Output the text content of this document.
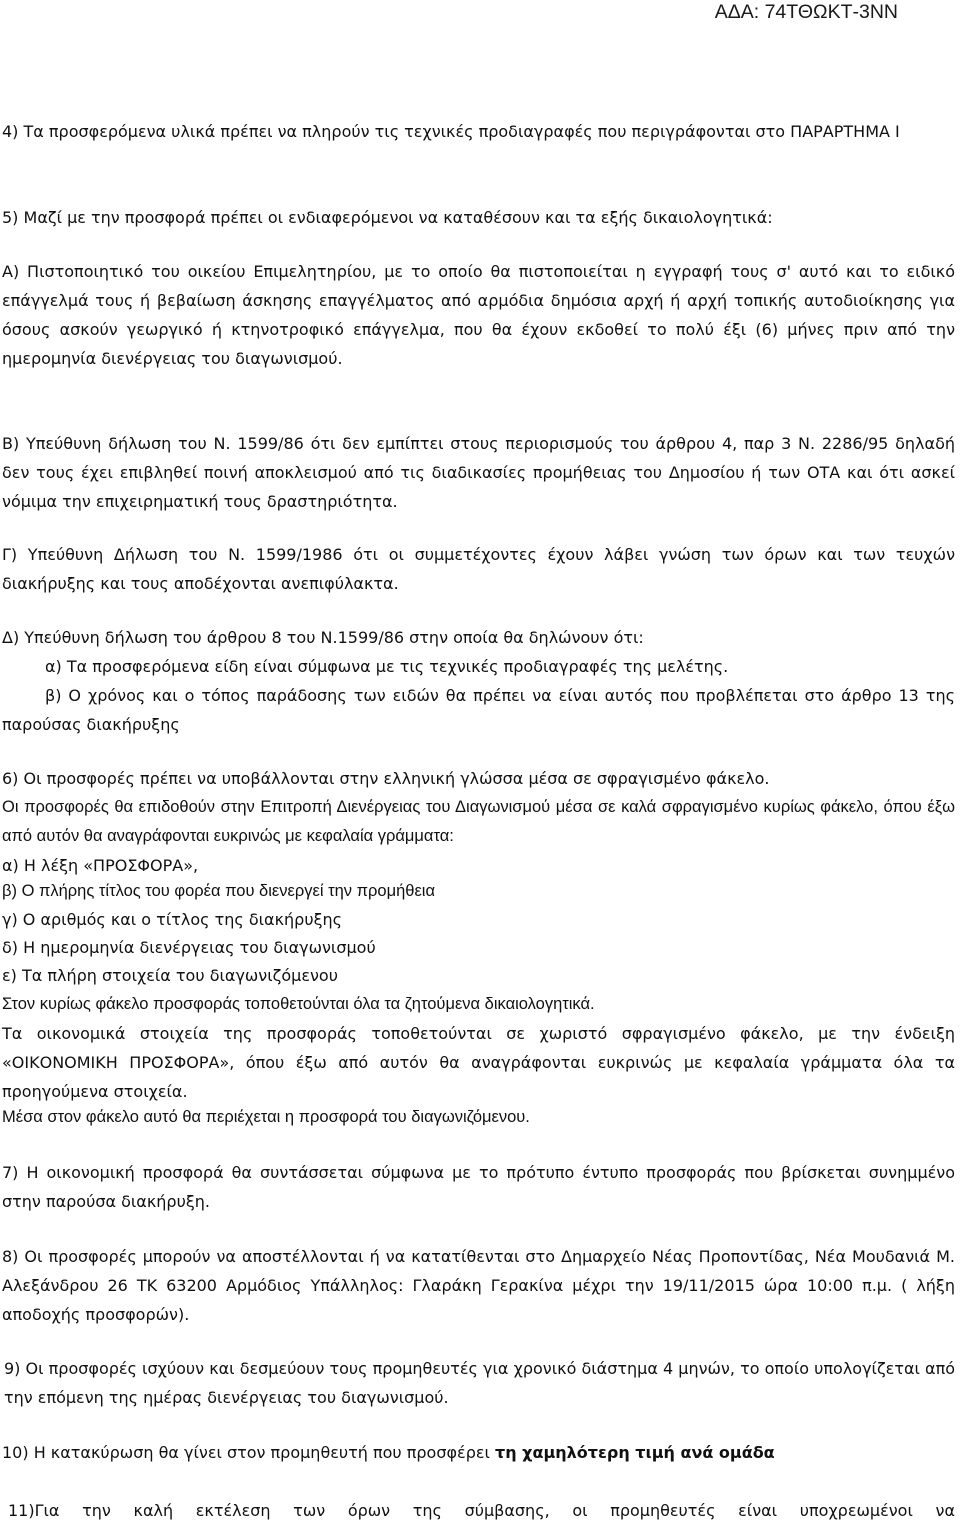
ΑΔΑ: 74ΤΘΩΚΤ-3ΝΝ
4) Τα προσφερόμενα υλικά πρέπει να πληρούν τις τεχνικές προδιαγραφές που περιγράφονται στο ΠΑΡΑΡΤΗΜΑ Ι
5) Μαζί με την προσφορά πρέπει οι ενδιαφερόμενοι να καταθέσουν και τα εξής δικαιολογητικά:
Α) Πιστοποιητικό του οικείου Επιμελητηρίου, με το οποίο θα πιστοποιείται η εγγραφή τους σ' αυτό και το ειδικό επάγγελμά τους ή βεβαίωση άσκησης επαγγέλματος από αρμόδια δημόσια αρχή ή αρχή τοπικής αυτοδιοίκησης για όσους ασκούν γεωργικό ή κτηνοτροφικό επάγγελμα, που θα έχουν εκδοθεί το πολύ έξι (6) μήνες πριν από την ημερομηνία διενέργειας του διαγωνισμού.
Β) Υπεύθυνη δήλωση του Ν. 1599/86 ότι δεν εμπίπτει στους περιορισμούς του άρθρου 4, παρ 3 Ν. 2286/95 δηλαδή δεν τους έχει επιβληθεί ποινή αποκλεισμού από τις διαδικασίες προμήθειας του Δημοσίου ή των ΟΤΑ και ότι ασκεί νόμιμα την επιχειρηματική τους δραστηριότητα.
Γ) Υπεύθυνη Δήλωση του Ν. 1599/1986 ότι οι συμμετέχοντες έχουν λάβει γνώση των όρων και των τευχών διακήρυξης και τους αποδέχονται ανεπιφύλακτα.
Δ) Υπεύθυνη δήλωση του άρθρου 8 του Ν.1599/86 στην οποία θα δηλώνουν ότι:
α) Τα προσφερόμενα είδη είναι σύμφωνα με τις τεχνικές προδιαγραφές της μελέτης.
β) Ο χρόνος και ο τόπος παράδοσης των ειδών θα πρέπει να είναι αυτός που προβλέπεται στο άρθρο 13 της παρούσας διακήρυξης
6) Οι προσφορές πρέπει να υποβάλλονται στην ελληνική γλώσσα μέσα σε σφραγισμένο φάκελο.
Οι προσφορές θα επιδοθούν στην Επιτροπή Διενέργειας του Διαγωνισμού μέσα σε καλά σφραγισμένο κυρίως φάκελο, όπου έξω από αυτόν θα αναγράφονται ευκρινώς με κεφαλαία γράμματα:
α) Η λέξη «ΠΡΟΣΦΟΡΑ»,
β) Ο πλήρης τίτλος του φορέα που διενεργεί την προμήθεια
γ) Ο αριθμός και ο τίτλος της διακήρυξης
δ) Η ημερομηνία διενέργειας του διαγωνισμού
ε) Τα πλήρη στοιχεία του διαγωνιζόμενου
Στον κυρίως φάκελο προσφοράς τοποθετούνται όλα τα ζητούμενα δικαιολογητικά.
Τα οικονομικά στοιχεία της προσφοράς τοποθετούνται σε χωριστό σφραγισμένο φάκελο, με την ένδειξη «ΟΙΚΟΝΟΜΙΚΗ ΠΡΟΣΦΟΡΑ», όπου έξω από αυτόν θα αναγράφονται ευκρινώς με κεφαλαία γράμματα όλα τα προηγούμενα στοιχεία.
Μέσα στον φάκελο αυτό θα περιέχεται η προσφορά του διαγωνιζόμενου.
7) Η οικονομική προσφορά θα συντάσσεται σύμφωνα με το πρότυπο έντυπο προσφοράς που βρίσκεται συνημμένο στην παρούσα διακήρυξη.
8) Οι προσφορές μπορούν να αποστέλλονται ή να κατατίθενται στο Δημαρχείο Νέας Προποντίδας, Νέα Μουδανιά Μ. Αλεξάνδρου 26 ΤΚ 63200 Αρμόδιος Υπάλληλος: Γλαράκη Γερακίνα μέχρι την 19/11/2015 ώρα 10:00 π.μ. ( λήξη αποδοχής προσφορών).
9) Οι προσφορές ισχύουν και δεσμεύουν τους προμηθευτές για χρονικό διάστημα 4 μηνών, το οποίο υπολογίζεται από την επόμενη της ημέρας διενέργειας του διαγωνισμού.
10) Η κατακύρωση θα γίνει στον προμηθευτή που προσφέρει τη χαμηλότερη τιμή ανά ομάδα
11)Για την καλή εκτέλεση των όρων της σύμβασης, οι προμηθευτές είναι υποχρεωμένοι να
